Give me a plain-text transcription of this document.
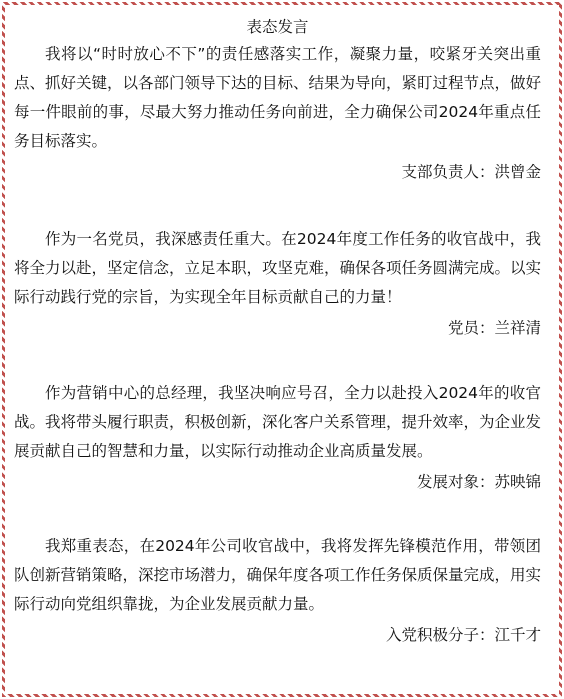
表态发言

我将以“时时放心不下”的责任感落实工作，凝聚力量，咬紧牙关突出重点、抓好关键，以各部门领导下达的目标、结果为导向，紧盯过程节点，做好每一件眼前的事，尽最大努力推动任务向前进，全力确保公司2024年重点任务目标落实。

支部负责人：洪曾金

作为一名党员，我深感责任重大。在2024年度工作任务的收官战中，我将全力以赴，坚定信念，立足本职，攻坚克难，确保各项任务圆满完成。以实际行动践行党的宗旨，为实现全年目标贡献自己的力量！

党员：兰祥清

作为营销中心的总经理，我坚决响应号召，全力以赴投入2024年的收官战。我将带头履行职责，积极创新，深化客户关系管理，提升效率，为企业发展贡献自己的智慧和力量，以实际行动推动企业高质量发展。

发展对象：苏映锦

我郑重表态，在2024年公司收官战中，我将发挥先锋模范作用，带领团队创新营销策略，深挖市场潜力，确保年度各项工作任务保质保量完成，用实际行动向党组织靠拢，为企业发展贡献力量。

入党积极分子：江千才
